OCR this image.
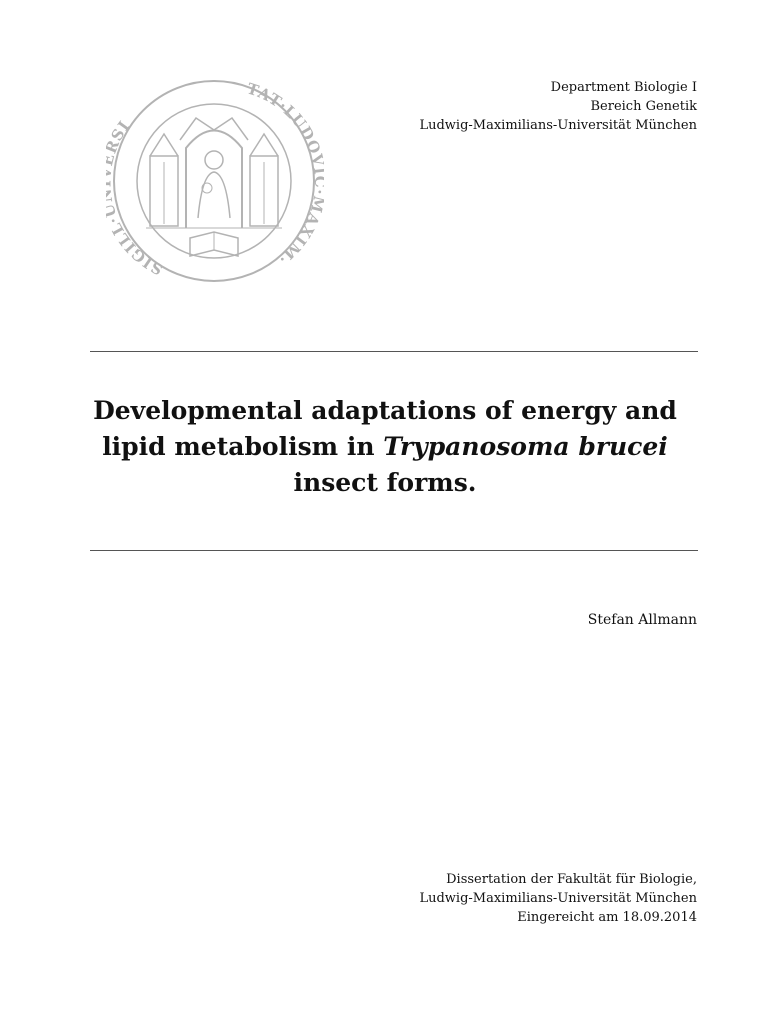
SIGILL SI
TAT·LUDO AXIM·
Department Biologie I
Bereich Genetik
Ludwig-Maximilians-Universität München
Developmental adaptations of energy and
lipid metabolism in Trypanosoma brucei
insect forms.
Stefan Allmann
Dissertation der Fakultät für Biologie,
Ludwig-Maximilians-Universität München
Eingereicht am 18.09.2014
